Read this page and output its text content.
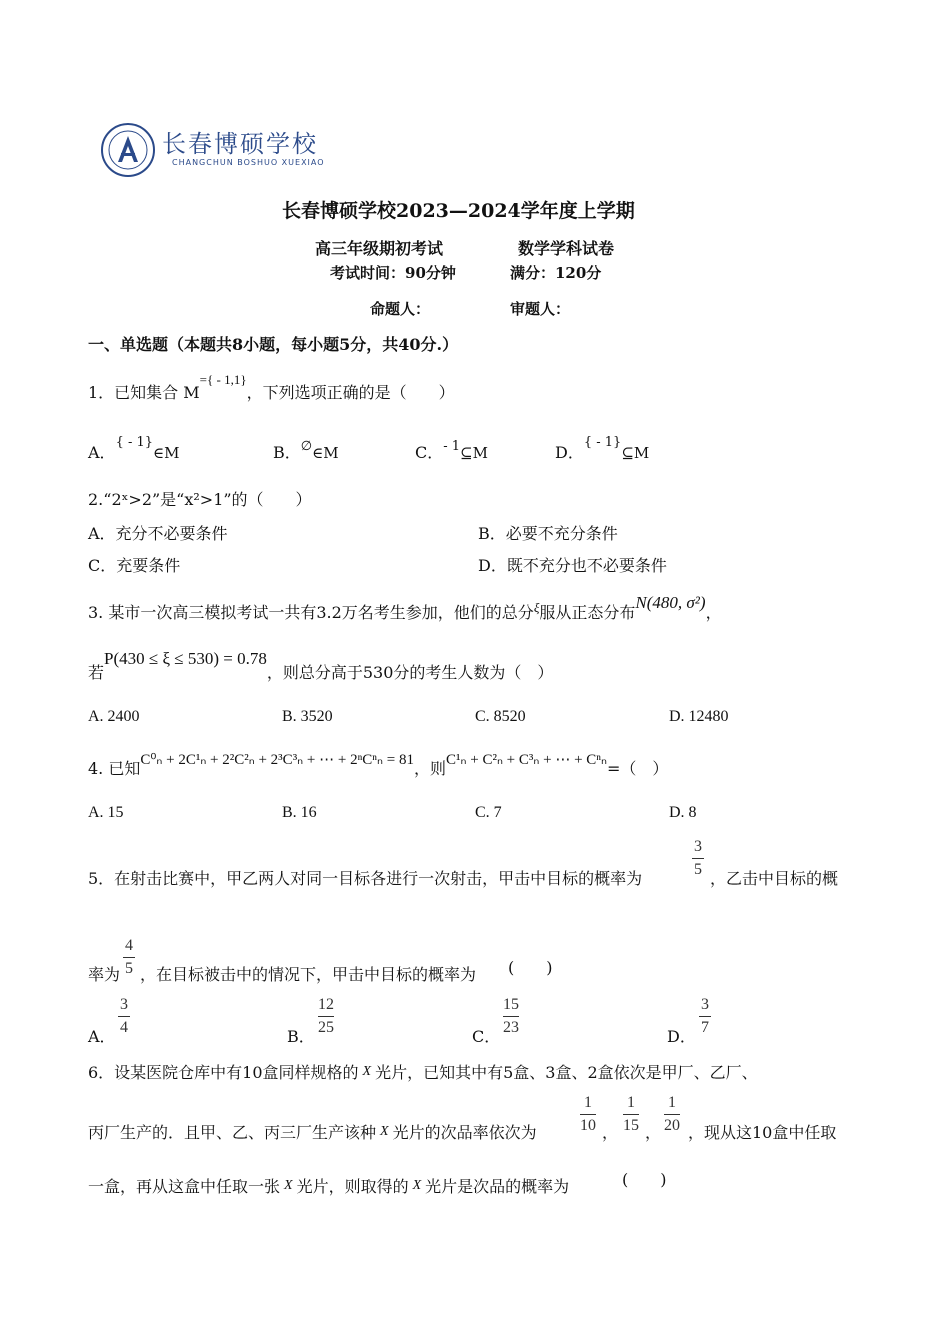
长春博硕学校
CHANGCHUN BOSHUO XUEXIAO
长春博硕学校2023—2024学年度上学期
高三年级期初考试	数学学科试卷
考试时间：90分钟	满分：120分
命题人：	审题人：
一、单选题（本题共8小题，每小题5分，共40分.）
1．已知集合 $M^{=\{ - 1,1\}}$，下列选项正确的是（　　）
A．$^{\{ - 1\}}$∈M	B．∅∈M	C．$^{- 1}$⊆M	D．$^{\{ - 1\}}$⊆M
2.“2ˣ>2”是“x²>1”的（　　）
A．充分不必要条件	B．必要不充分条件
C．充要条件	D．既不充分也不必要条件
3. 某市一次高三模拟考试一共有3.2万名考生参加，他们的总分$^\xi$服从正态分布N(480, σ²)，
若P(430 ≤ ξ ≤ 530) = 0.78，则总分高于530分的考生人数为（　）
A. 2400	B. 3520	C. 8520	D. 12480
4. 已知C⁰ₙ + 2C¹ₙ + 2²C²ₙ + 2³C³ₙ + ⋯ + 2ⁿCⁿₙ = 81，则C¹ₙ + C²ₙ + C³ₙ + ⋯ + Cⁿₙ=（　）
A. 15	B. 16	C. 7	D. 8
5．在射击比赛中，甲乙两人对同一目标各进行一次射击，甲击中目标的概率为
3
5 ，乙击中目标的概
率为
4
5 ，在目标被击中的情况下，甲击中目标的概率为 (　　)
A．
3
4	B．
12
25	C．
15
23	D．
3
7
6．设某医院仓库中有10盒同样规格的 X 光片，已知其中有5盒、3盒、2盒依次是甲厂、乙厂、
丙厂生产的．且甲、乙、丙三厂生产该种 X 光片的次品率依次为
1
10 ，
1
15 ，
1
20 ，现从这10盒中任取
一盒，再从这盒中任取一张 X 光片，则取得的 X 光片是次品的概率为	(　　)
